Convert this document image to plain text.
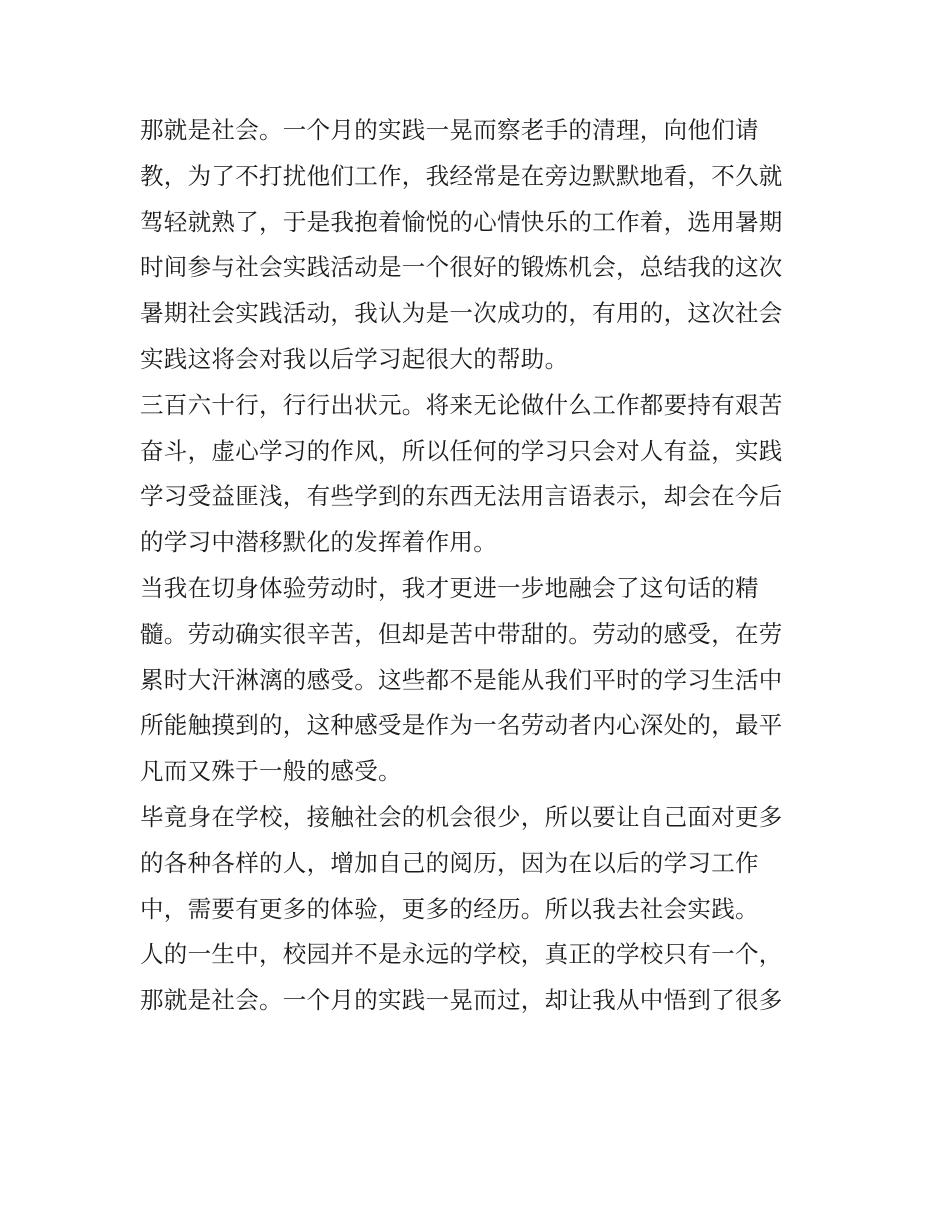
那就是社会。一个月的实践一晃而察老手的清理，向他们请
教，为了不打扰他们工作，我经常是在旁边默默地看，不久就
驾轻就熟了，于是我抱着愉悦的心情快乐的工作着，选用暑期
时间参与社会实践活动是一个很好的锻炼机会，总结我的这次
暑期社会实践活动，我认为是一次成功的，有用的，这次社会
实践这将会对我以后学习起很大的帮助。
三百六十行，行行出状元。将来无论做什么工作都要持有艰苦
奋斗，虚心学习的作风，所以任何的学习只会对人有益，实践
学习受益匪浅，有些学到的东西无法用言语表示，却会在今后
的学习中潜移默化的发挥着作用。
当我在切身体验劳动时，我才更进一步地融会了这句话的精
髓。劳动确实很辛苦，但却是苦中带甜的。劳动的感受，在劳
累时大汗淋漓的感受。这些都不是能从我们平时的学习生活中
所能触摸到的，这种感受是作为一名劳动者内心深处的，最平
凡而又殊于一般的感受。
毕竟身在学校，接触社会的机会很少，所以要让自己面对更多
的各种各样的人，增加自己的阅历，因为在以后的学习工作
中，需要有更多的体验，更多的经历。所以我去社会实践。
人的一生中，校园并不是永远的学校，真正的学校只有一个，
那就是社会。一个月的实践一晃而过，却让我从中悟到了很多
